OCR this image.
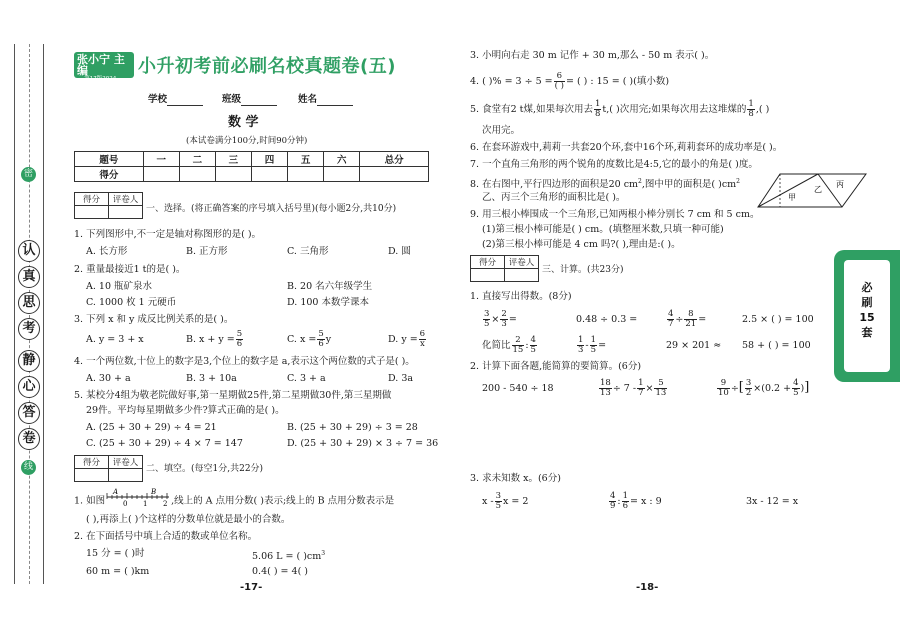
密
认
真
思
考
静
心
答
卷
线
张小宁 主编
— 第17版2024 —
小升初考前必刷名校真题卷(五)
学校	班级	姓名
数 学
(本试卷满分100分,时间90分钟)
题号	一	二	三	四	五	六	总分
得分							
得分	评卷人

一、选择。(将正确答案的序号填入括号里)(每小题2分,共10分)
1. 下列图形中,不一定是轴对称图形的是( )。
A. 长方形	B. 正方形	C. 三角形	D. 圆
2. 重量最接近1 t的是( )。
A. 10 瓶矿泉水	B. 20 名六年级学生
C. 1000 枚 1 元硬币	D. 100 本数学课本
3. 下列 x 和 y 成反比例关系的是( )。
A. y = 3 + x	B. $x + y = \frac{5}{6}$	C. $x = \frac{5}{6}$ y	D. $y = \frac{6}{x}$
4. 一个两位数,十位上的数字是3,个位上的数字是 a,表示这个两位数的式子是( )。
A. 30 + a	B. 3 + 10a	C. 3 + a	D. 3a
5. 某校分4组为敬老院做好事,第一星期做25件,第二星期做30件,第三星期做
29件。平均每星期做多少件?算式正确的是( )。
A. (25 + 30 + 29) ÷ 4 = 21	B. (25 + 30 + 29) ÷ 3 = 28
C. (25 + 30 + 29) ÷ 4 × 7 = 147	D. (25 + 30 + 29) × 3 ÷ 7 = 36
得分	评卷人

二、填空。(每空1分,共22分)
1. 如图	0 1 2
A	B
,线上的 A 点用分数( )表示;线上的 B 点用分数表示是
( ),再添上( )个这样的分数单位就是最小的合数。
2. 在下面括号中填上合适的数或单位名称。
15 分 = ( )时	5.06 L = ( )$cm^3$
60 m = ( )km	0.4( ) = 4( )
-17-
3. 小明向右走 30 m 记作 + 30 m,那么 - 50 m 表示( )。
4. ( )% = $3 \div 5 = \frac{6}{( )}$ = ( ) : 15 = ( )(填小数)
5. 食堂有2 t煤,如果每次用去 $\frac{1}{8} t$,( )次用完;如果每次用去这堆煤的 $\frac{1}{8}$ ,( )
次用完。
6. 在套环游戏中,莉莉一共套20个环,套中16个环,莉莉套环的成功率是( )。
7. 一个直角三角形的两个锐角的度数比是4:5,它的最小的角是( )度。
8. 在右图中,平行四边形的面积是20 $cm^2$,图中甲的面积是( )$cm^2$
乙、丙三个三角形的面积比是( )。	甲
乙
丙
9. 用三根小棒围成一个三角形,已知两根小棒分别长 7 cm 和 5 cm。
(1)第三根小棒可能是( ) cm。(填整厘米数,只填一种可能)
(2)第三根小棒可能是 4 cm 吗?( ),理由是:( )。
得分	评卷人

三、计算。(共23分)
1. 直接写出得数。(8分)
$\frac{3}{5} \times \frac{2}{3}$ =	0.48 ÷ 0.3 =	$\frac{4}{7} \div \frac{8}{21}$ =	2.5 × ( ) = 100
化简比 $\frac{2}{15}$ : $\frac{4}{5}$	$\frac{1}{3} - \frac{1}{5}$ =	29 × 201 ≈ 58 + ( ) = 100
2. 计算下面各题,能简算的要简算。(6分)
200 - 540 ÷ 18	$\frac{18}{13} \div 7 - \frac{1}{7} \times \frac{5}{13}$	$\frac{9}{10}$ ÷[ $\frac{3}{2} \times(0.2 + \frac{4}{5}$ )]
3. 求未知数 x。(6分)
x - $\frac{3}{5}$ x = 2	$\frac{4}{9}$ : $\frac{1}{6} = x$ : 9	3x - 12 = x
-18-
必
刷
15
套
